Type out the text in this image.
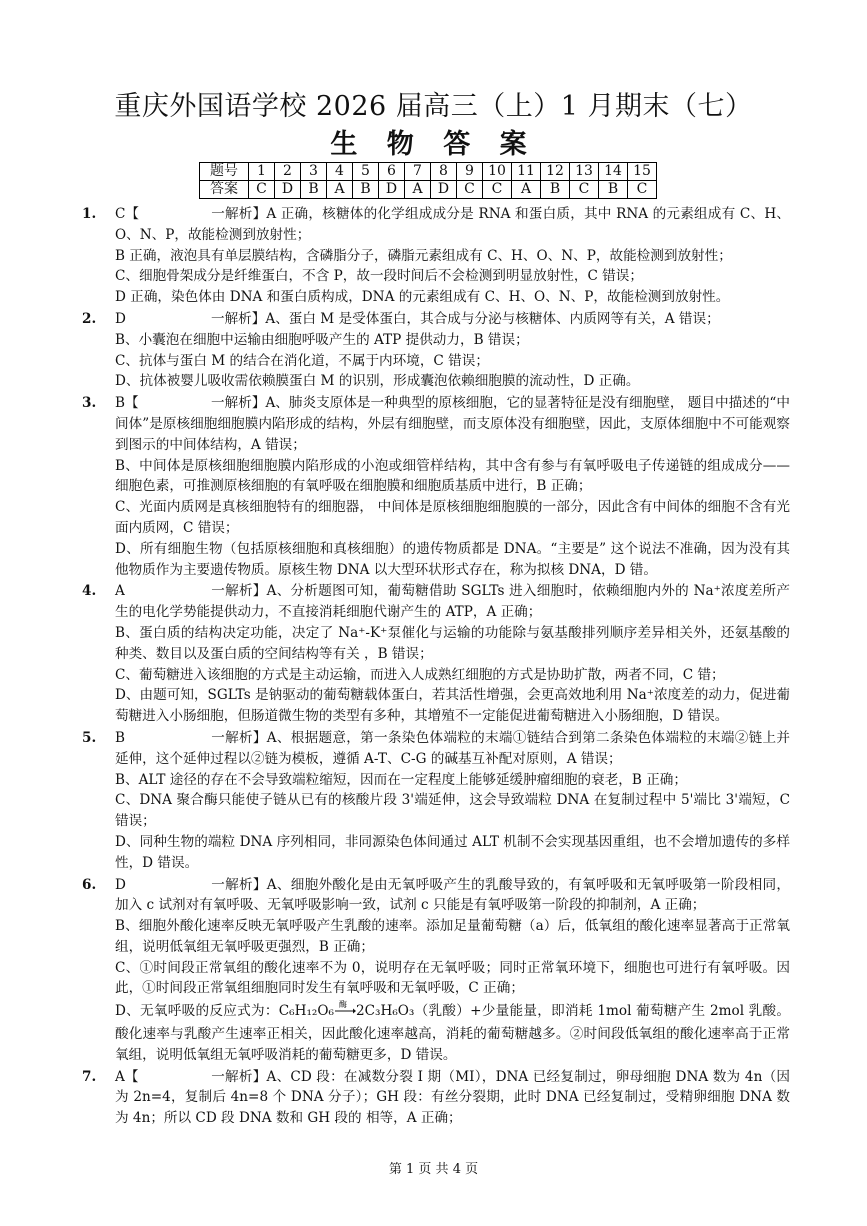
重庆外国语学校 2026 届高三（上）1 月期末（七）
生 物 答 案
题号	1	2	3	4	5	6	7	8	9	10	11	12	13	14	15
答案	C	D	B	A	B	D	A	D	C	C	A	B	C	B	C
1. C【	一解析】A 正确，核糖体的化学组成成分是 RNA 和蛋白质，其中 RNA 的元素组成有 C、H、O、N、P，故能检测到放射性；

B 正确，液泡具有单层膜结构，含磷脂分子，磷脂元素组成有 C、H、O、N、P，故能检测到放射性；

C、细胞骨架成分是纤维蛋白，不含 P，故一段时间后不会检测到明显放射性，C 错误；

D 正确，染色体由 DNA 和蛋白质构成，DNA 的元素组成有 C、H、O、N、P，故能检测到放射性。

2. D	一解析】A、蛋白 M 是受体蛋白，其合成与分泌与核糖体、内质网等有关，A 错误；

B、小囊泡在细胞中运输由细胞呼吸产生的 ATP 提供动力，B 错误；

C、抗体与蛋白 M 的结合在消化道，不属于内环境，C 错误；

D、抗体被婴儿吸收需依赖膜蛋白 M 的识别，形成囊泡依赖细胞膜的流动性，D 正确。

3. B【	一解析】A、肺炎支原体是一种典型的原核细胞，它的显著特征是没有细胞壁， 题目中描述的“中间体”是原核细胞细胞膜内陷形成的结构，外层有细胞壁，而支原体没有细胞壁，因此，支原体细胞中不可能观察到图示的中间体结构，A 错误；

B、中间体是原核细胞细胞膜内陷形成的小泡或细管样结构，其中含有参与有氧呼吸电子传递链的组成成分——细胞色素，可推测原核细胞的有氧呼吸在细胞膜和细胞质基质中进行，B 正确；

C、光面内质网是真核细胞特有的细胞器， 中间体是原核细胞细胞膜的一部分，因此含有中间体的细胞不含有光面内质网，C 错误；

D、所有细胞生物（包括原核细胞和真核细胞）的遗传物质都是 DNA。“主要是” 这个说法不准确，因为没有其他物质作为主要遗传物质。原核生物 DNA 以大型环状形式存在，称为拟核 DNA，D 错。

4. A	一解析】A、分析题图可知，葡萄糖借助 SGLTs 进入细胞时，依赖细胞内外的 Na⁺浓度差所产生的电化学势能提供动力，不直接消耗细胞代谢产生的 ATP，A 正确；

B、蛋白质的结构决定功能，决定了 Na⁺-K⁺泵催化与运输的功能除与氨基酸排列顺序差异相关外，还氨基酸的种类、数目以及蛋白质的空间结构等有关 ，B 错误；

C、葡萄糖进入该细胞的方式是主动运输，而进入人成熟红细胞的方式是协助扩散，两者不同，C 错；

D、由题可知，SGLTs 是钠驱动的葡萄糖载体蛋白，若其活性增强，会更高效地利用 Na⁺浓度差的动力，促进葡萄糖进入小肠细胞，但肠道微生物的类型有多种，其增殖不一定能促进葡萄糖进入小肠细胞，D 错误。

5. B	一解析】A、根据题意，第一条染色体端粒的末端①链结合到第二条染色体端粒的末端②链上并延伸，这个延伸过程以②链为模板，遵循 A-T、C-G 的碱基互补配对原则，A 错误；

B、ALT 途径的存在不会导致端粒缩短，因而在一定程度上能够延缓肿瘤细胞的衰老，B 正确；

C、DNA 聚合酶只能使子链从已有的核酸片段 3'端延伸，这会导致端粒 DNA 在复制过程中 5'端比 3'端短，C 错误；

D、同种生物的端粒 DNA 序列相同，非同源染色体间通过 ALT 机制不会实现基因重组，也不会增加遗传的多样性，D 错误。

6. D	一解析】A、细胞外酸化是由无氧呼吸产生的乳酸导致的，有氧呼吸和无氧呼吸第一阶段相同，加入 c 试剂对有氧呼吸、无氧呼吸影响一致，试剂 c 只能是有氧呼吸第一阶段的抑制剂，A 正确；

B、细胞外酸化速率反映无氧呼吸产生乳酸的速率。添加足量葡萄糖（a）后，低氧组的酸化速率显著高于正常氧组，说明低氧组无氧呼吸更强烈，B 正确；

C、①时间段正常氧组的酸化速率不为 0，说明存在无氧呼吸；同时正常氧环境下，细胞也可进行有氧呼吸。因此，①时间段正常氧组细胞同时发生有氧呼吸和无氧呼吸，C 正确；

D、无氧呼吸的反应式为：C₆H₁₂O₆ 酶 2C₃H₆O₃（乳酸）+少量能量，即消耗 1mol 葡萄糖产生 2mol 乳酸。酸化速率与乳酸产生速率正相关，因此酸化速率越高，消耗的葡萄糖越多。②时间段低氧组的酸化速率高于正常氧组，说明低氧组无氧呼吸消耗的葡萄糖更多，D 错误。

7. A【	一解析】A、CD 段：在减数分裂 I 期（MI），DNA 已经复制过，卵母细胞 DNA 数为 4n（因为 2n=4，复制后 4n=8 个 DNA 分子）；GH 段：有丝分裂期，此时 DNA 已经复制过，受精卵细胞 DNA 数为 4n；所以 CD 段 DNA 数和 GH 段的 相等，A 正确；

第 1 页 共 4 页
